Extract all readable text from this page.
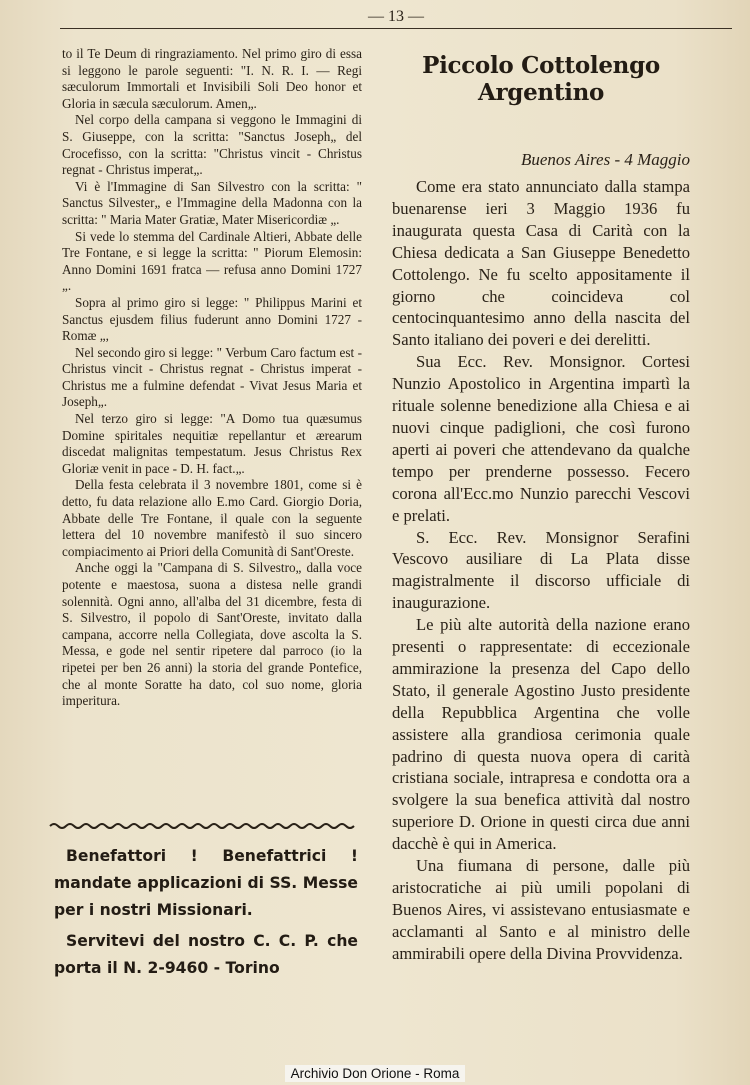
— 13 —

to il Te Deum di ringraziamento. Nel primo giro di essa si leggono le parole seguenti: "I. N. R. I. — Regi sæculorum Immortali et Invisibili Soli Deo honor et Gloria in sæcula sæculorum. Amen„.

Nel corpo della campana si veggono le Immagini di S. Giuseppe, con la scritta: "Sanctus Joseph„ del Crocefisso, con la scritta: "Christus vincit - Christus regnat - Christus imperat„.

Vi è l'Immagine di San Silvestro con la scritta: " Sanctus Silvester„ e l'Immagine della Madonna con la scritta: " Maria Mater Gratiæ, Mater Misericordiæ „.

Si vede lo stemma del Cardinale Altieri, Abbate delle Tre Fontane, e si legge la scritta: " Piorum Elemosin: Anno Domini 1691 fratca — refusa anno Domini 1727 „.

Sopra al primo giro si legge: " Philippus Marini et Sanctus ejusdem filius fuderunt anno Domini 1727 - Romæ „,

Nel secondo giro si legge: " Verbum Caro factum est - Christus vincit - Christus regnat - Christus imperat - Christus me a fulmine defendat - Vivat Jesus Maria et Joseph„.

Nel terzo giro si legge: "A Domo tua quæsumus Domine spiritales nequitiæ repellantur et ærearum discedat malignitas tempestatum. Jesus Christus Rex Gloriæ venit in pace - D. H. fact.„.

Della festa celebrata il 3 novembre 1801, come si è detto, fu data relazione allo E.mo Card. Giorgio Doria, Abbate delle Tre Fontane, il quale con la seguente lettera del 10 novembre manifestò il suo sincero compiacimento ai Priori della Comunità di Sant'Oreste.

Anche oggi la "Campana di S. Silvestro„ dalla voce potente e maestosa, suona a distesa nelle grandi solennità. Ogni anno, all'alba del 31 dicembre, festa di S. Silvestro, il popolo di Sant'Oreste, invitato dalla campana, accorre nella Collegiata, dove ascolta la S. Messa, e gode nel sentir ripetere dal parroco (io la ripetei per ben 26 anni) la storia del grande Pontefice, che al monte Soratte ha dato, col suo nome, gloria imperitura.

Benefattori ! Benefattrici ! mandate applicazioni di SS. Messe per i nostri Missionari.

Servitevi del nostro C. C. P. che porta il N. 2-9460 - Torino

Piccolo Cottolengo Argentino
Buenos Aires - 4 Maggio

Come era stato annunciato dalla stampa buenarense ieri 3 Maggio 1936 fu inaugurata questa Casa di Carità con la Chiesa dedicata a San Giuseppe Benedetto Cottolengo. Ne fu scelto appositamente il giorno che coincideva col centocinquantesimo anno della nascita del Santo italiano dei poveri e dei derelitti.

Sua Ecc. Rev. Monsignor. Cortesi Nunzio Apostolico in Argentina impartì la rituale solenne benedizione alla Chiesa e ai nuovi cinque padiglioni, che così furono aperti ai poveri che attendevano da qualche tempo per prenderne possesso. Fecero corona all'Ecc.mo Nunzio parecchi Vescovi e prelati.

S. Ecc. Rev. Monsignor Serafini Vescovo ausiliare di La Plata disse magistralmente il discorso ufficiale di inaugurazione.

Le più alte autorità della nazione erano presenti o rappresentate: di eccezionale ammirazione la presenza del Capo dello Stato, il generale Agostino Justo presidente della Repubblica Argentina che volle assistere alla grandiosa cerimonia quale padrino di questa nuova opera di carità cristiana sociale, intrapresa e condotta ora a svolgere la sua benefica attività dal nostro superiore D. Orione in questi circa due anni dacchè è qui in America.

Una fiumana di persone, dalle più aristocratiche ai più umili popolani di Buenos Aires, vi assistevano entusiasmate e acclamanti al Santo e al ministro delle ammirabili opere della Divina Provvidenza.

Archivio Don Orione - Roma
